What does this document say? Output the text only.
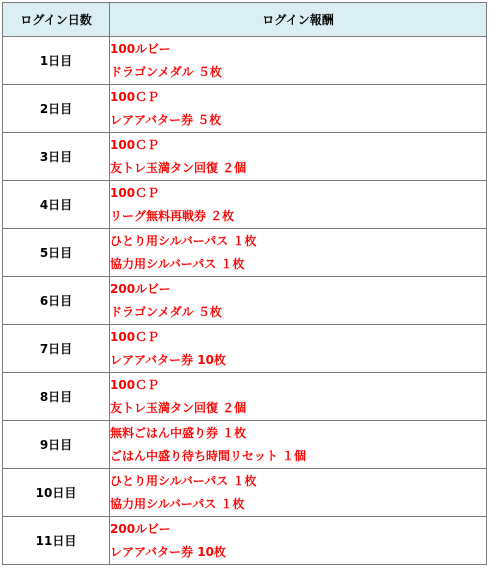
ログイン日数	ログイン報酬
1日目	100ルビー
ドラゴンメダル ５枚

2日目	100ＣＰ
レアアバター券 ５枚

3日目	100ＣＰ
友トレ玉満タン回復 ２個

4日目	100ＣＰ
リーグ無料再戦券 ２枚

5日目	ひとり用シルバーパス １枚
協力用シルバーパス １枚

6日目	200ルビー
ドラゴンメダル ５枚

7日目	100ＣＰ
レアアバター券 10枚

8日目	100ＣＰ
友トレ玉満タン回復 ２個

9日目	無料ごはん中盛り券 １枚
ごはん中盛り待ち時間リセット １個

10日目	ひとり用シルバーパス １枚
協力用シルバーパス １枚

11日目	200ルビー
レアアバター券 10枚
